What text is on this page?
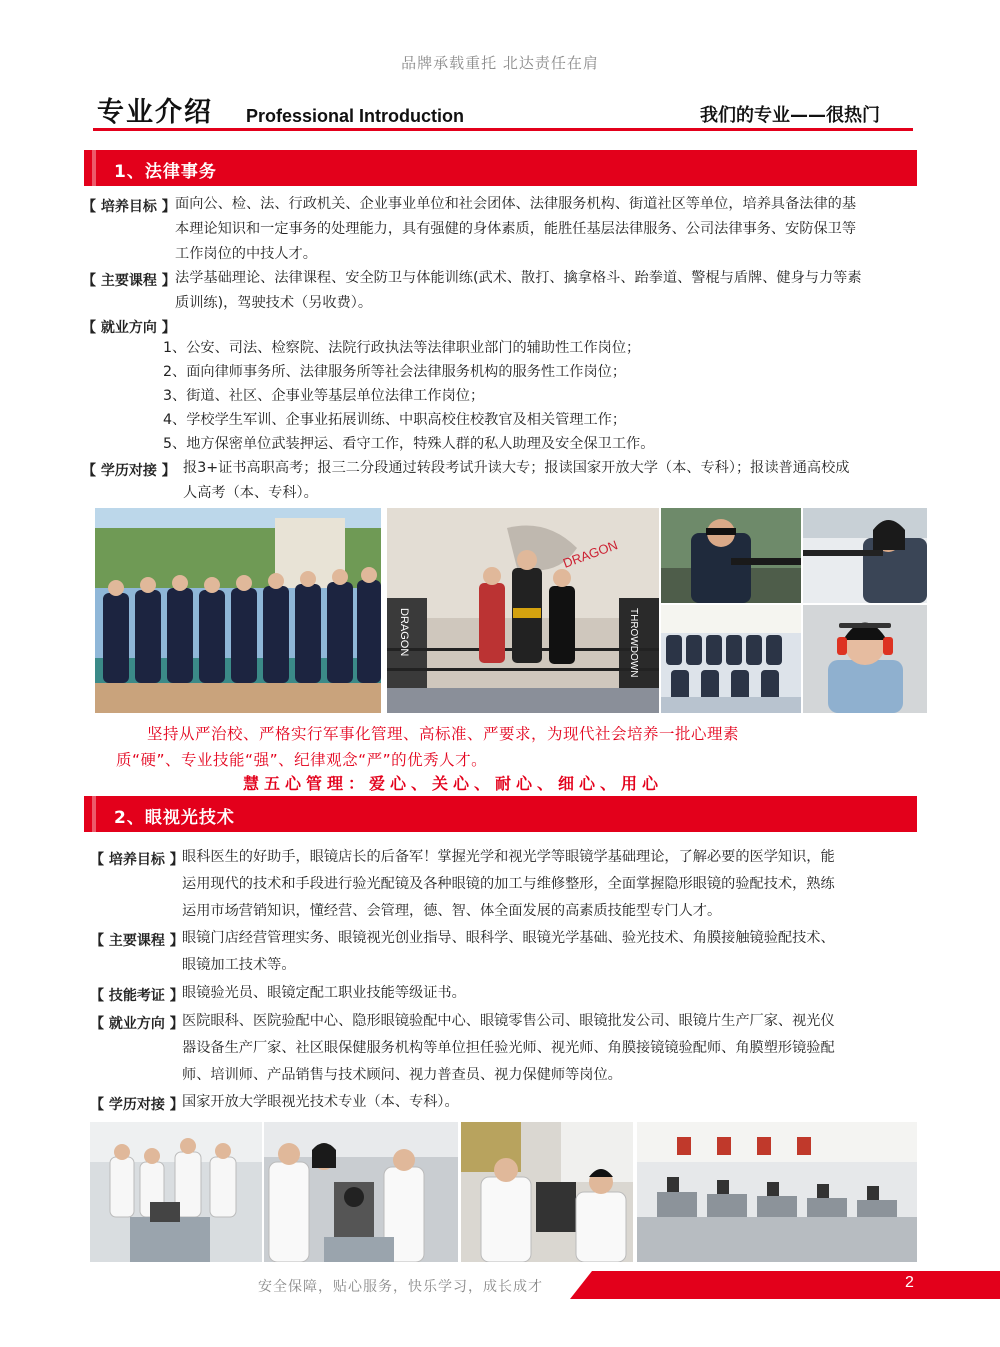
品牌承载重托 北达责任在肩
专业介绍 Professional Introduction	我们的专业——很热门
1、法律事务
【 培养目标 】 面向公、检、法、行政机关、企业事业单位和社会团体、法律服务机构、街道社区等单位，培养具备法律的基
本理论知识和一定事务的处理能力，具有强健的身体素质，能胜任基层法律服务、公司法律事务、安防保卫等
工作岗位的中技人才。
【 主要课程 】 法学基础理论、法律课程、安全防卫与体能训练(武术、散打、擒拿格斗、跆拳道、警棍与盾牌、健身与力等素
质训练)，驾驶技术（另收费）。
【 就业方向 】
1、公安、司法、检察院、法院行政执法等法律职业部门的辅助性工作岗位；
2、面向律师事务所、法律服务所等社会法律服务机构的服务性工作岗位；
3、街道、社区、企事业等基层单位法律工作岗位；
4、学校学生军训、企事业拓展训练、中职高校住校教官及相关管理工作；
5、地方保密单位武装押运、看守工作，特殊人群的私人助理及安全保卫工作。
【 学历对接 】 报3+证书高职高考；报三二分段通过转段考试升读大专；报读国家开放大学（本、专科）；报读普通高校成
人高考（本、专科）。
DRAGON	THROWDOWN
DRAGON
坚持从严治校、严格实行军事化管理、高标准、严要求，为现代社会培养一批心理素
质“硬”、专业技能“强”、纪律观念“严”的优秀人才。
慧五心管理：爱心、关心、耐心、细心、用心
2、眼视光技术
【 培养目标 】
眼科医生的好助手，眼镜店长的后备军！掌握光学和视光学等眼镜学基础理论，了解必要的医学知识，能
运用现代的技术和手段进行验光配镜及各种眼镜的加工与维修整形，全面掌握隐形眼镜的验配技术，熟练
运用市场营销知识，懂经营、会管理，德、智、体全面发展的高素质技能型专门人才。
【 主要课程 】
眼镜门店经营管理实务、眼镜视光创业指导、眼科学、眼镜光学基础、验光技术、角膜接触镜验配技术、
眼镜加工技术等。
【 技能考证 】
眼镜验光员、眼镜定配工职业技能等级证书。
【 就业方向 】
医院眼科、医院验配中心、隐形眼镜验配中心、眼镜零售公司、眼镜批发公司、眼镜片生产厂家、视光仪
器设备生产厂家、社区眼保健服务机构等单位担任验光师、视光师、角膜接镜镜验配师、角膜塑形镜验配
师、培训师、产品销售与技术顾问、视力普查员、视力保健师等岗位。
【 学历对接 】
国家开放大学眼视光技术专业（本、专科）。
安全保障，贴心服务，快乐学习，成长成才	2
